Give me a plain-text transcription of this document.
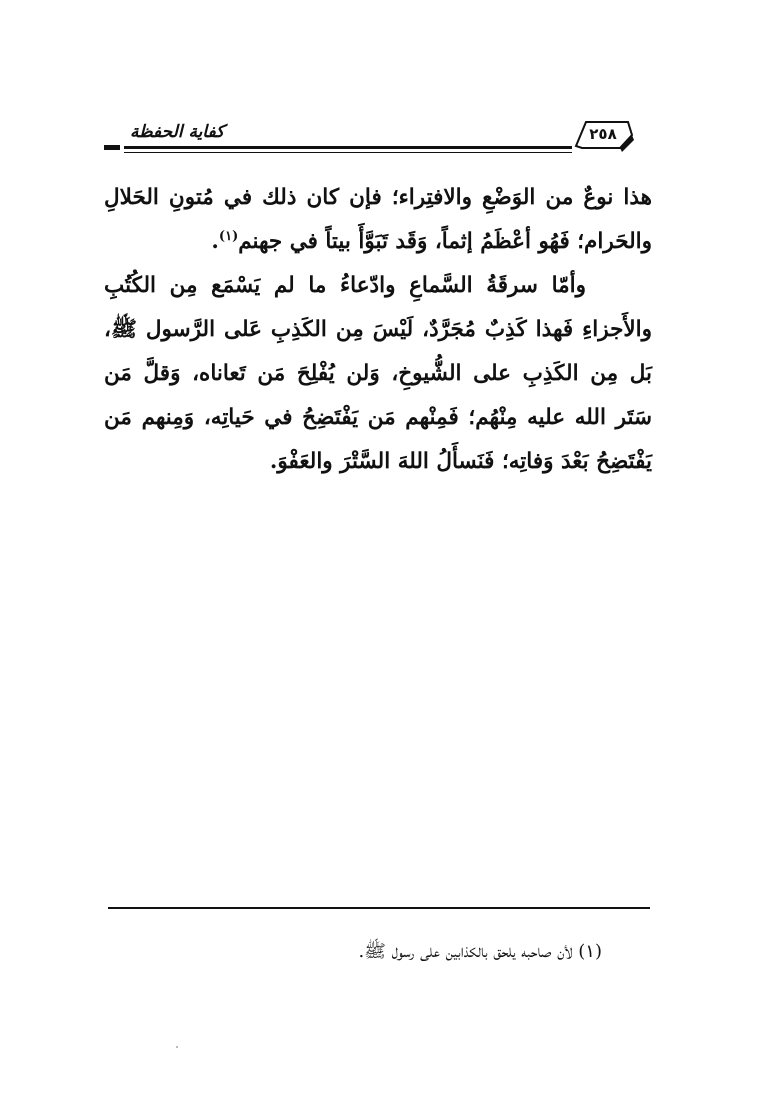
كفاية الحفظة	٢٥٨

هذا نوعٌ من الوَضْعِ والافتِراء؛ فإن كان ذلك في مُتونِ الحَلالِ والحَرام؛ فَهُو أعْظَمُ إثماً، وَقَد تَبَوَّأَ بيتاً في جهنم$^{(١)}$.

وأمّا سرقَةُ السَّماعِ وادّعاءُ ما لم يَسْمَع مِن الكُتُبِ والأَجزاءِ فَهذا كَذِبٌ مُجَرَّدٌ، لَيْسَ مِن الكَذِبِ عَلى الرَّسول ﷺ، بَل مِن الكَذِبِ على الشُّيوخِ، وَلن يُفْلِحَ مَن تَعاناه، وَقلَّ مَن سَتَر الله عليه مِنْهُم؛ فَمِنْهم مَن يَفْتَضِحُ في حَياتِه، وَمِنهم مَن يَفْتَضِحُ بَعْدَ وَفاتِه؛ فَنَسأَلُ اللهَ السَّتْرَ والعَفْوَ.

(١) لأن صاحبه يلحق بالكذابين على رسول ﷺ.
